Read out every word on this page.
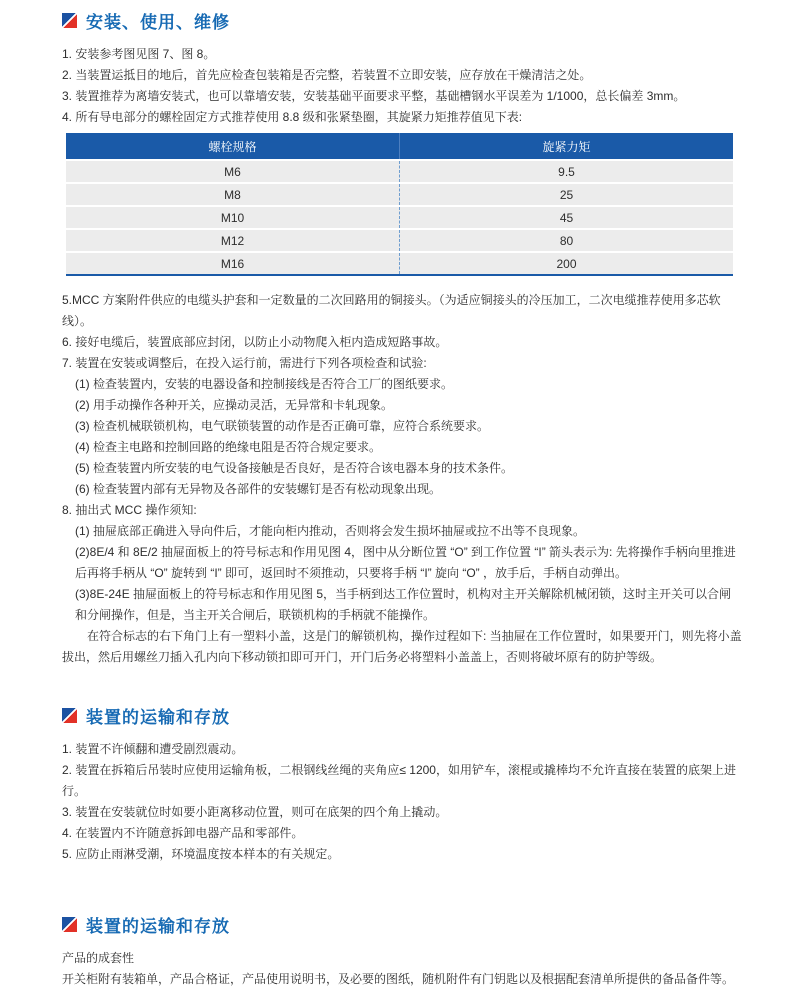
安装、使用、维修

1. 安装参考图见图 7、图 8。

2. 当装置运抵目的地后，首先应检查包装箱是否完整，若装置不立即安装，应存放在干燥清洁之处。

3. 装置推荐为离墙安装式，也可以靠墙安装，安装基础平面要求平整，基础槽钢水平误差为 1/1000，总长偏差 3mm。

4. 所有导电部分的螺栓固定方式推荐使用 8.8 级和张紧垫圈，其旋紧力矩推荐值见下表:

螺栓规格	旋紧力矩
M6	9.5
M8	25
M10	45
M12	80
M16	200

5.MCC 方案附件供应的电缆头护套和一定数量的二次回路用的铜接头。（为适应铜接头的冷压加工，二次电缆推荐使用多芯软线）。

6. 接好电缆后，装置底部应封闭，以防止小动物爬入柜内造成短路事故。

7. 装置在安装或调整后，在投入运行前，需进行下列各项检查和试验:

(1) 检查装置内，安装的电器设备和控制接线是否符合工厂的图纸要求。

(2) 用手动操作各种开关，应操动灵活，无异常和卡轧现象。

(3) 检查机械联锁机构，电气联锁装置的动作是否正确可靠，应符合系统要求。

(4) 检查主电路和控制回路的绝缘电阻是否符合规定要求。

(5) 检查装置内所安装的电气设备接触是否良好，是否符合该电器本身的技术条件。

(6) 检查装置内部有无异物及各部件的安装螺钉是否有松动现象出现。

8. 抽出式 MCC 操作须知:

(1) 抽屉底部正确进入导向件后，才能向柜内推动，否则将会发生损坏抽屉或拉不出等不良现象。

(2)8E/4 和 8E/2 抽屉面板上的符号标志和作用见图 4，图中从分断位置 “O” 到工作位置 “I” 箭头表示为: 先将操作手柄向里推进后再将手柄从 “O” 旋转到 “I” 即可，返回时不须推动，只要将手柄 “I” 旋向 “O” ，放手后，手柄自动弹出。

(3)8E-24E 抽屉面板上的符号标志和作用见图 5，当手柄到达工作位置时，机构对主开关解除机械闭锁，这时主开关可以合闸和分闸操作，但是，当主开关合闸后，联锁机构的手柄就不能操作。

在符合标志的右下角门上有一塑料小盖，这是门的解锁机构，操作过程如下: 当抽屉在工作位置时，如果要开门，则先将小盖拔出，然后用螺丝刀插入孔内向下移动锁扣即可开门，开门后务必将塑料小盖盖上，否则将破坏原有的防护等级。

装置的运输和存放

1. 装置不许倾翻和遭受剧烈震动。

2. 装置在拆箱后吊装时应使用运输角板，二根钢线丝绳的夹角应≤ 1200，如用铲车，滚棍或撬棒均不允许直接在装置的底架上进行。

3. 装置在安装就位时如要小距离移动位置，则可在底架的四个角上撬动。

4. 在装置内不许随意拆卸电器产品和零部件。

5. 应防止雨淋受潮，环境温度按本样本的有关规定。

装置的运输和存放

产品的成套性

开关柜附有装箱单，产品合格证，产品使用说明书，及必要的图纸，随机附件有门钥匙以及根据配套清单所提供的备品备件等。
